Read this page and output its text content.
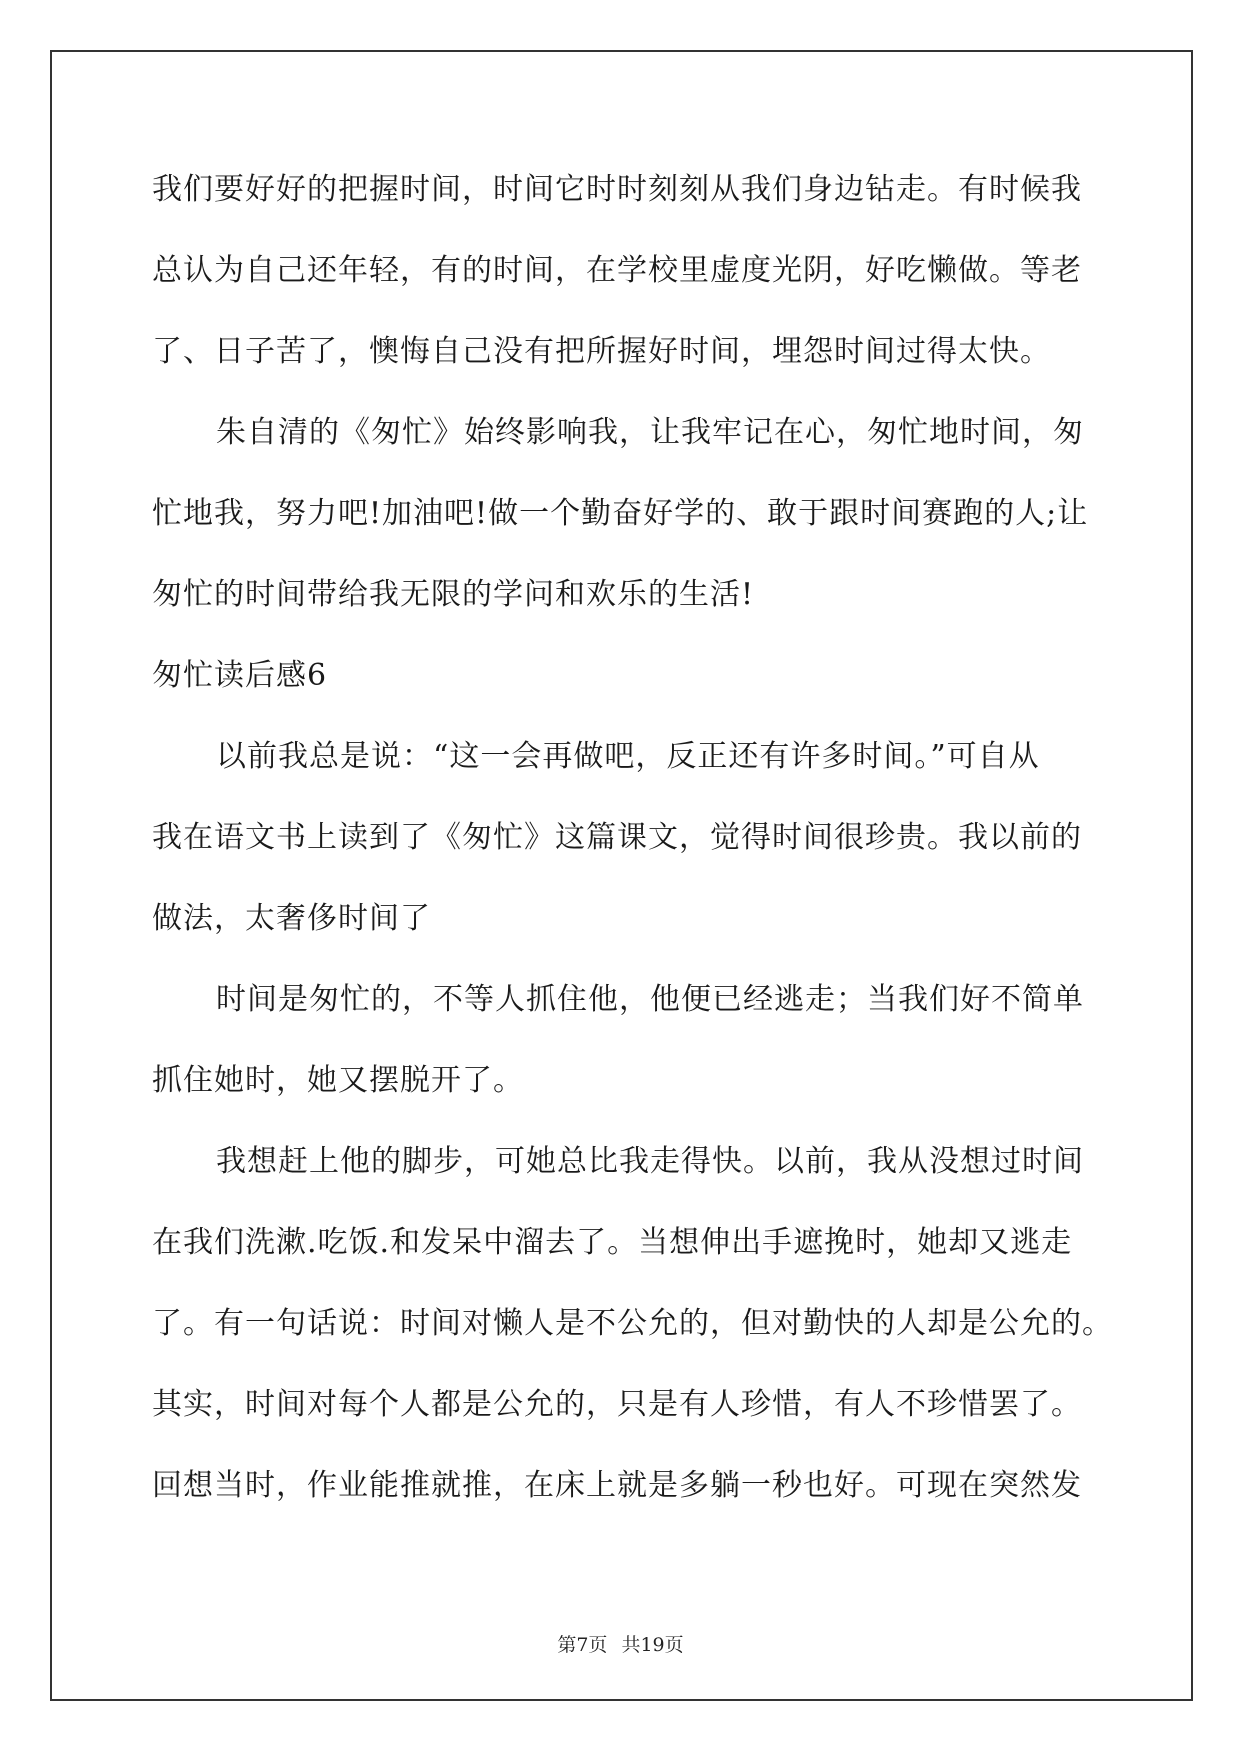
我们要好好的把握时间，时间它时时刻刻从我们身边钻走。有时候我
总认为自己还年轻，有的时间，在学校里虚度光阴，好吃懒做。等老
了、日子苦了，懊悔自己没有把所握好时间，埋怨时间过得太快。
朱自清的《匆忙》始终影响我，让我牢记在心，匆忙地时间，匆
忙地我，努力吧!加油吧!做一个勤奋好学的、敢于跟时间赛跑的人;让
匆忙的时间带给我无限的学问和欢乐的生活!
匆忙读后感6
以前我总是说：“这一会再做吧，反正还有许多时间。”可自从
我在语文书上读到了《匆忙》这篇课文，觉得时间很珍贵。我以前的
做法，太奢侈时间了
时间是匆忙的，不等人抓住他，他便已经逃走；当我们好不简单
抓住她时，她又摆脱开了。
我想赶上他的脚步，可她总比我走得快。以前，我从没想过时间
在我们洗漱.吃饭.和发呆中溜去了。当想伸出手遮挽时，她却又逃走
了。有一句话说：时间对懒人是不公允的，但对勤快的人却是公允的。
其实，时间对每个人都是公允的，只是有人珍惜，有人不珍惜罢了。
回想当时，作业能推就推，在床上就是多躺一秒也好。可现在突然发
第7页 共19页
